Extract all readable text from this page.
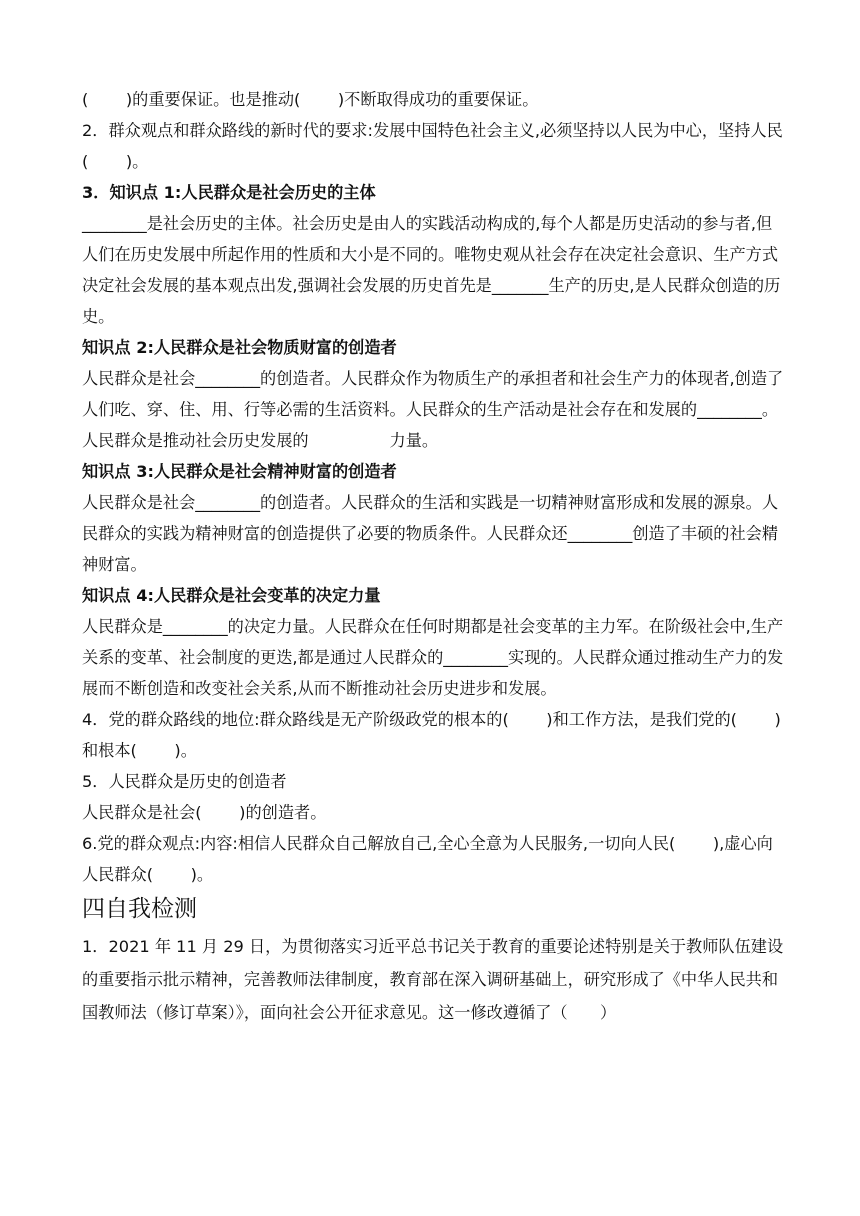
(　　 )的重要保证。也是推动(　　 )不断取得成功的重要保证。

2．群众观点和群众路线的新时代的要求:发展中国特色社会主义,必须坚持以人民为中心，坚持人民(　　 )。

3．知识点 1:人民群众是社会历史的主体

________是社会历史的主体。社会历史是由人的实践活动构成的,每个人都是历史活动的参与者,但人们在历史发展中所起作用的性质和大小是不同的。唯物史观从社会存在决定社会意识、生产方式决定社会发展的基本观点出发,强调社会发展的历史首先是_______生产的历史,是人民群众创造的历史。

知识点 2:人民群众是社会物质财富的创造者

人民群众是社会________的创造者。人民群众作为物质生产的承担者和社会生产力的体现者,创造了人们吃、穿、住、用、行等必需的生活资料。人民群众的生产活动是社会存在和发展的________。人民群众是推动社会历史发展的　　　　　力量。

知识点 3:人民群众是社会精神财富的创造者

人民群众是社会________的创造者。人民群众的生活和实践是一切精神财富形成和发展的源泉。人民群众的实践为精神财富的创造提供了必要的物质条件。人民群众还________创造了丰硕的社会精神财富。

知识点 4:人民群众是社会变革的决定力量

人民群众是________的决定力量。人民群众在任何时期都是社会变革的主力军。在阶级社会中,生产关系的变革、社会制度的更迭,都是通过人民群众的________实现的。人民群众通过推动生产力的发展而不断创造和改变社会关系,从而不断推动社会历史进步和发展。

4．党的群众路线的地位:群众路线是无产阶级政党的根本的(　　 )和工作方法，是我们党的(　　 )和根本(　　 )。

5．人民群众是历史的创造者

人民群众是社会(　　 )的创造者。

6.党的群众观点:内容:相信人民群众自己解放自己,全心全意为人民服务,一切向人民(　　 ),虚心向人民群众(　　 )。

四自我检测

1．2021 年 11 月 29 日，为贯彻落实习近平总书记关于教育的重要论述特别是关于教师队伍建设的重要指示批示精神，完善教师法律制度，教育部在深入调研基础上，研究形成了《中华人民共和国教师法（修订草案）》，面向社会公开征求意见。这一修改遵循了（　　）
